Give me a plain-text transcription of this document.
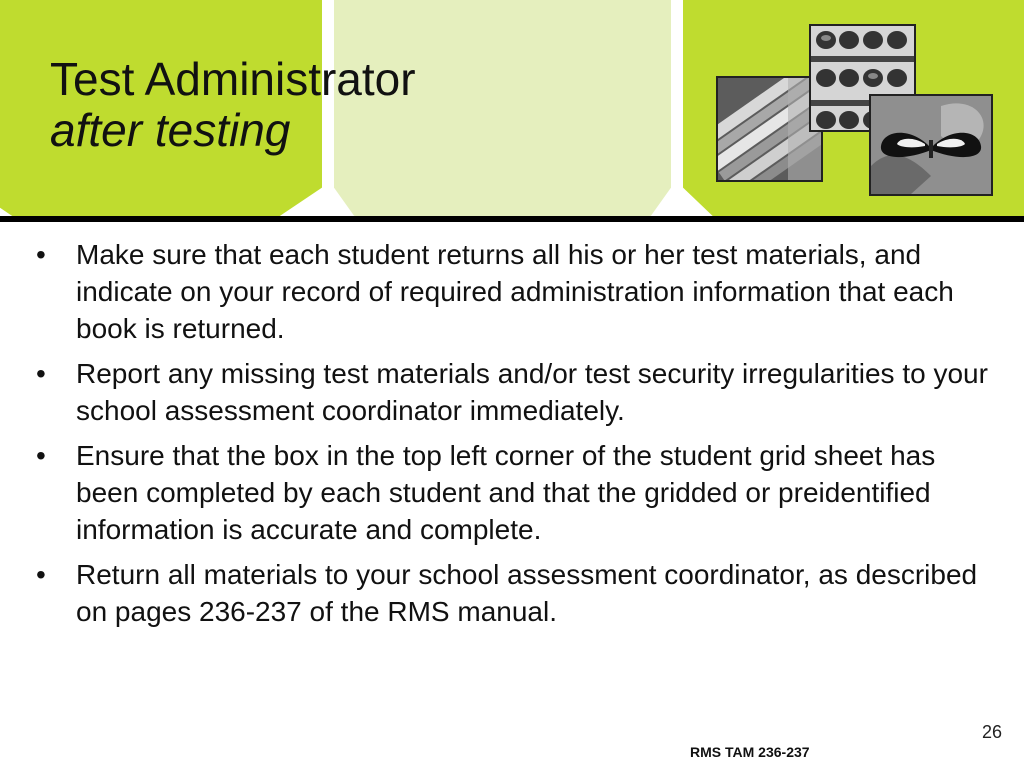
Test Administrator
after testing
• Make sure that each student returns all his or her test materials, and indicate on your record of required administration information that each book is returned.
• Report any missing test materials and/or test security irregularities to your school assessment coordinator immediately.
• Ensure that the box in the top left corner of the student grid sheet has been completed by each student and that the gridded or preidentified information is accurate and complete.
• Return all materials to your school assessment coordinator, as described on pages 236-237 of the RMS manual.
26
RMS TAM 236-237
